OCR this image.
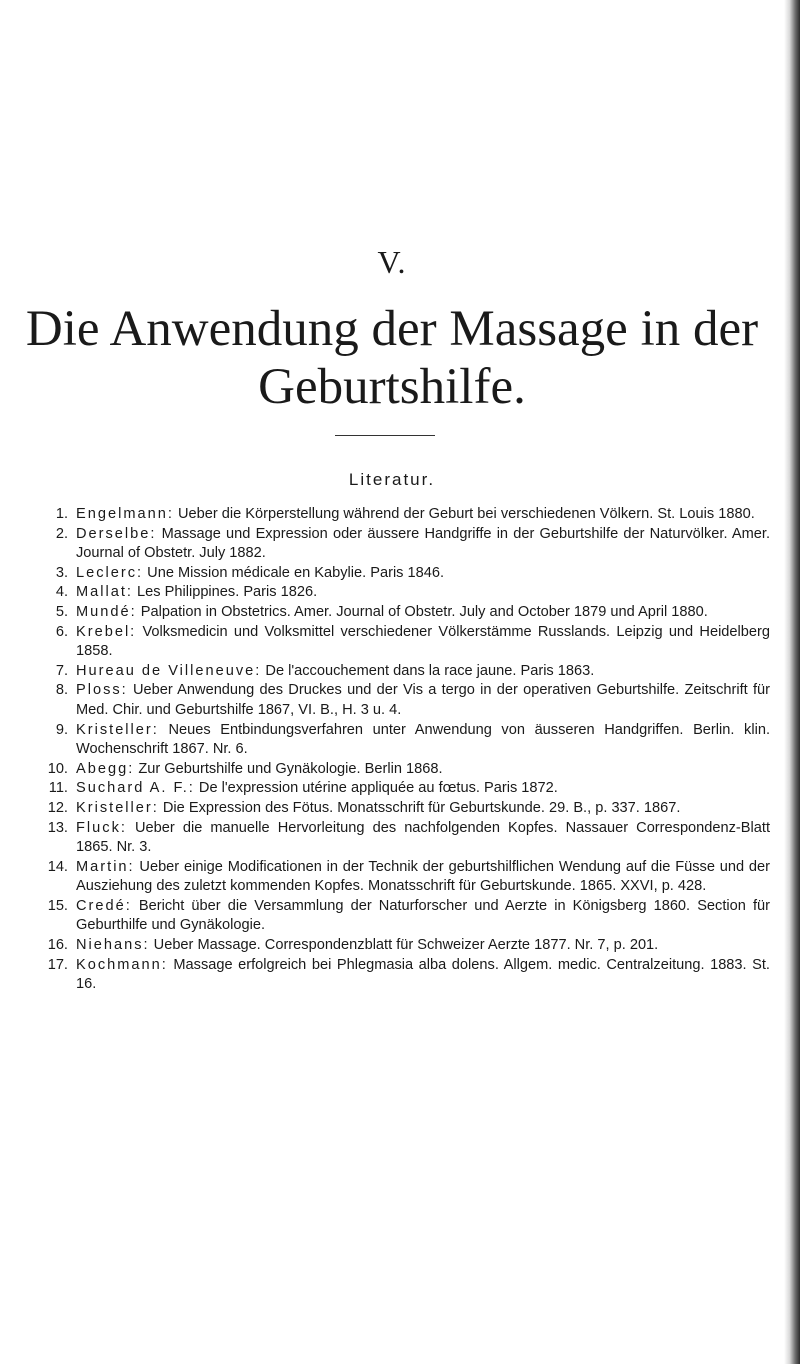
V.
Die Anwendung der Massage in der
Geburtshilfe.
Literatur.
1. Engelmann: Ueber die Körperstellung während der Geburt bei verschiedenen Völkern. St. Louis 1880.
2. Derselbe: Massage und Expression oder äussere Handgriffe in der Geburtshilfe der Naturvölker. Amer. Journal of Obstetr. July 1882.
3. Leclerc: Une Mission médicale en Kabylie. Paris 1846.
4. Mallat: Les Philippines. Paris 1826.
5. Mundé: Palpation in Obstetrics. Amer. Journal of Obstetr. July and October 1879 und April 1880.
6. Krebel: Volksmedicin und Volksmittel verschiedener Völkerstämme Russlands. Leipzig und Heidelberg 1858.
7. Hureau de Villeneuve: De l'accouchement dans la race jaune. Paris 1863.
8. Ploss: Ueber Anwendung des Druckes und der Vis a tergo in der operativen Geburtshilfe. Zeitschrift für Med. Chir. und Geburtshilfe 1867, VI. B., H. 3 u. 4.
9. Kristeller: Neues Entbindungsverfahren unter Anwendung von äusseren Handgriffen. Berlin. klin. Wochenschrift 1867. Nr. 6.
10. Abegg: Zur Geburtshilfe und Gynäkologie. Berlin 1868.
11. Suchard A. F.: De l'expression utérine appliquée au fœtus. Paris 1872.
12. Kristeller: Die Expression des Fötus. Monatsschrift für Geburtskunde. 29. B., p. 337. 1867.
13. Fluck: Ueber die manuelle Hervorleitung des nachfolgenden Kopfes. Nassauer Correspondenz-Blatt 1865. Nr. 3.
14. Martin: Ueber einige Modificationen in der Technik der geburtshilflichen Wendung auf die Füsse und der Ausziehung des zuletzt kommenden Kopfes. Monatsschrift für Geburtskunde. 1865. XXVI, p. 428.
15. Credé: Bericht über die Versammlung der Naturforscher und Aerzte in Königsberg 1860. Section für Geburthilfe und Gynäkologie.
16. Niehans: Ueber Massage. Correspondenzblatt für Schweizer Aerzte 1877. Nr. 7, p. 201.
17. Kochmann: Massage erfolgreich bei Phlegmasia alba dolens. Allgem. medic. Centralzeitung. 1883. St. 16.
